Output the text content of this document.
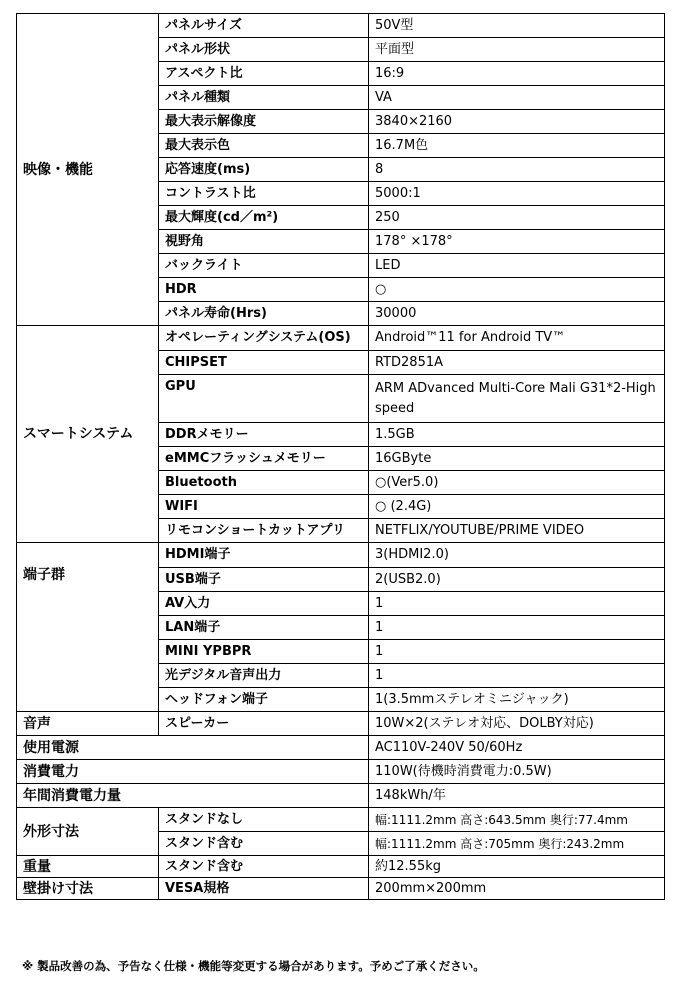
映像・機能	パネルサイズ	50V型
	パネル形状	平面型
	アスペクト比	16:9
	パネル種類	VA
	最大表示解像度	3840×2160
	最大表示色	16.7M色
	応答速度(ms)	8
	コントラスト比	5000:1
	最大輝度(cd／m²)	250
	視野角	178° ×178°
	バックライト	LED
	HDR	○
	パネル寿命(Hrs)	30000
スマートシステム	オペレーティングシステム(OS)	Android™11 for Android TV™
	CHIPSET	RTD2851A
	GPU	ARM ADvanced Multi-Core Mali G31*2-High speed
	DDRメモリー	1.5GB
	eMMCフラッシュメモリー	16GByte
	Bluetooth	○(Ver5.0)
	WIFI	○ (2.4G)
	リモコンショートカットアプリ	NETFLIX/YOUTUBE/PRIME VIDEO
端子群	HDMI端子	3(HDMI2.0)
	USB端子	2(USB2.0)
	AV入力	1
	LAN端子	1
	MINI YPBPR	1
	光デジタル音声出力	1
	ヘッドフォン端子	1(3.5mmステレオミニジャック)
音声	スピーカー	10W×2(ステレオ対応、DOLBY対応)
使用電源		AC110V-240V 50/60Hz
消費電力		110W(待機時消費電力:0.5W)
年間消費電力量		148kWh/年
外形寸法	スタンドなし	幅:1111.2mm 高さ:643.5mm 奥行:77.4mm
	スタンド含む	幅:1111.2mm 高さ:705mm 奥行:243.2mm
重量	スタンド含む	約12.55kg
壁掛け寸法	VESA規格	200mm×200mm
※ 製品改善の為、予告なく仕様・機能等変更する場合があります。予めご了承ください。
